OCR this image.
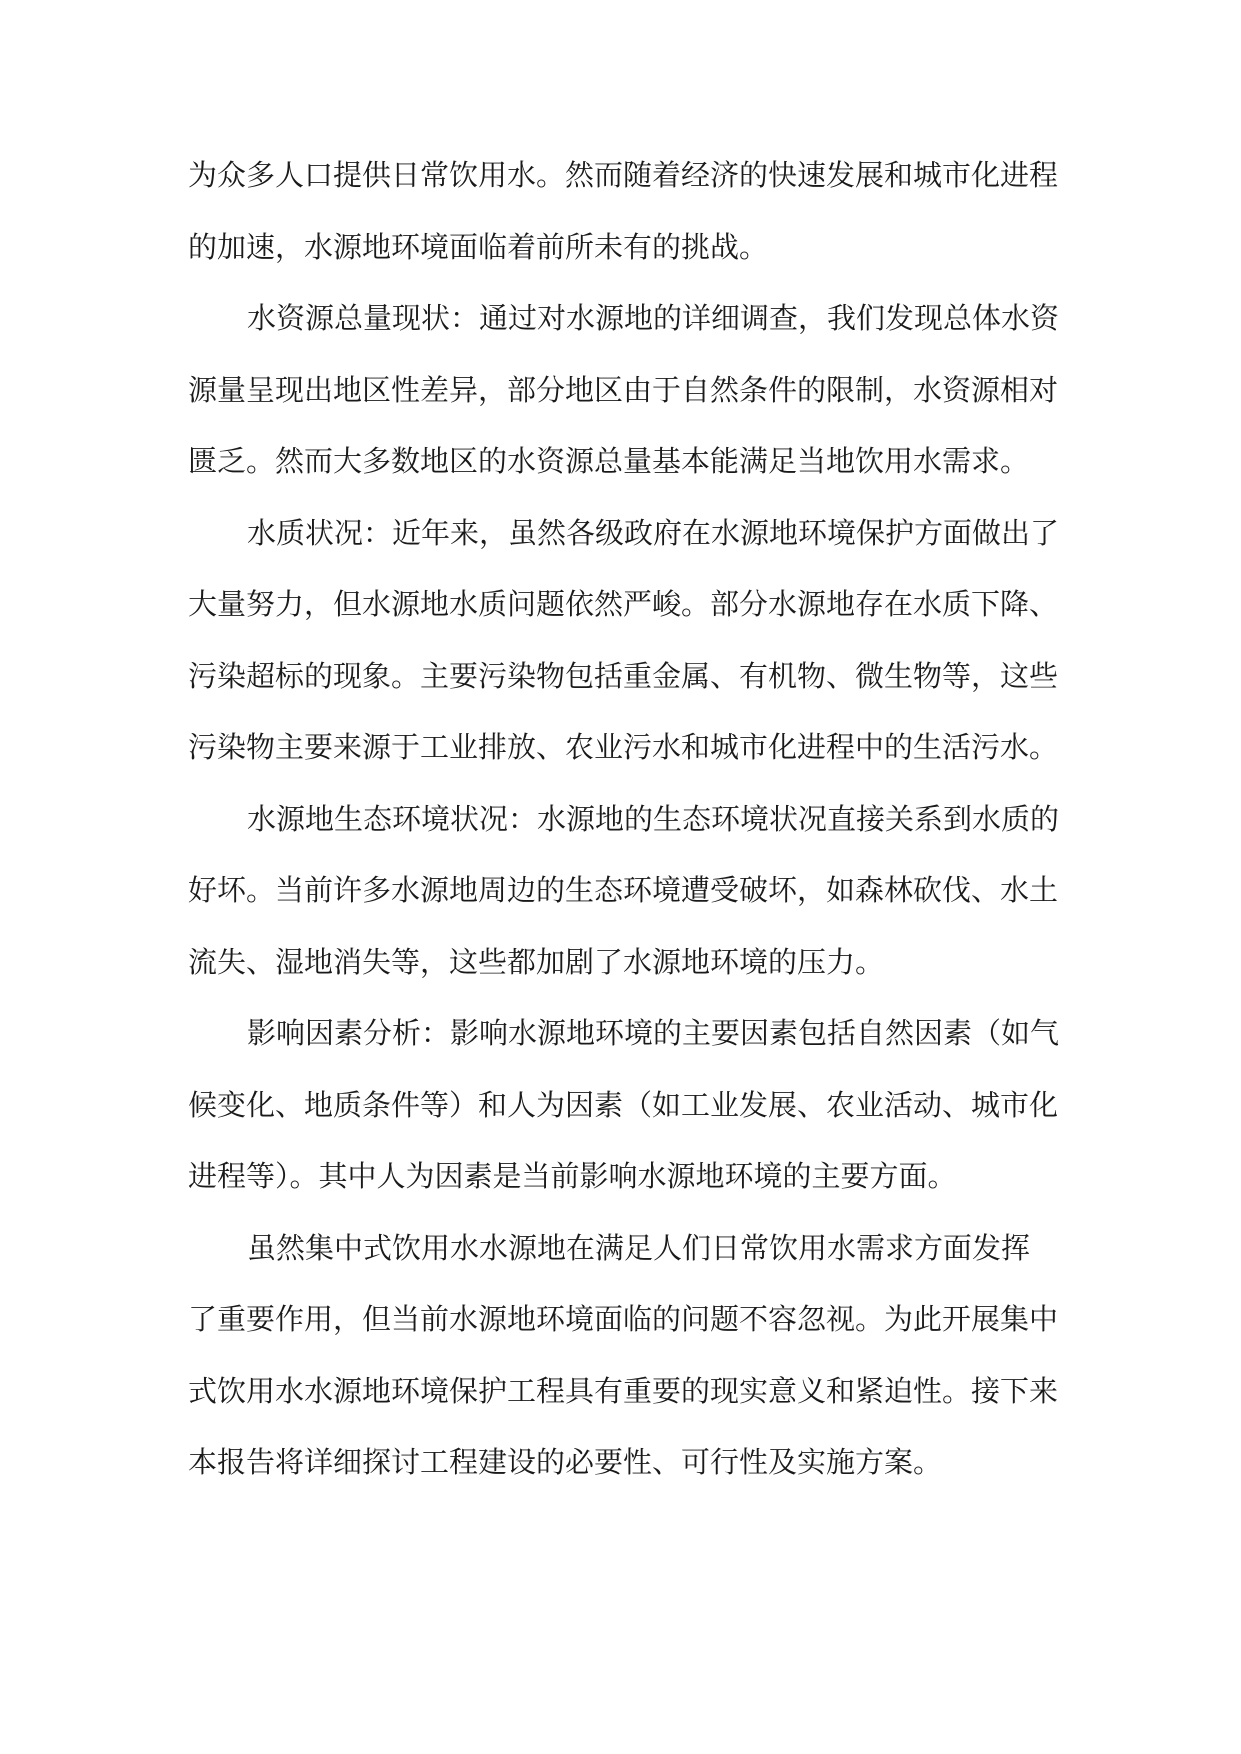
为众多人口提供日常饮用水。然而随着经济的快速发展和城市化进程
的加速，水源地环境面临着前所未有的挑战。

水资源总量现状：通过对水源地的详细调查，我们发现总体水资
源量呈现出地区性差异，部分地区由于自然条件的限制，水资源相对
匮乏。然而大多数地区的水资源总量基本能满足当地饮用水需求。

水质状况：近年来，虽然各级政府在水源地环境保护方面做出了
大量努力，但水源地水质问题依然严峻。部分水源地存在水质下降、
污染超标的现象。主要污染物包括重金属、有机物、微生物等，这些
污染物主要来源于工业排放、农业污水和城市化进程中的生活污水。

水源地生态环境状况：水源地的生态环境状况直接关系到水质的
好坏。当前许多水源地周边的生态环境遭受破坏，如森林砍伐、水土
流失、湿地消失等，这些都加剧了水源地环境的压力。

影响因素分析：影响水源地环境的主要因素包括自然因素（如气
候变化、地质条件等）和人为因素（如工业发展、农业活动、城市化
进程等）。其中人为因素是当前影响水源地环境的主要方面。

虽然集中式饮用水水源地在满足人们日常饮用水需求方面发挥
了重要作用，但当前水源地环境面临的问题不容忽视。为此开展集中
式饮用水水源地环境保护工程具有重要的现实意义和紧迫性。接下来
本报告将详细探讨工程建设的必要性、可行性及实施方案。
